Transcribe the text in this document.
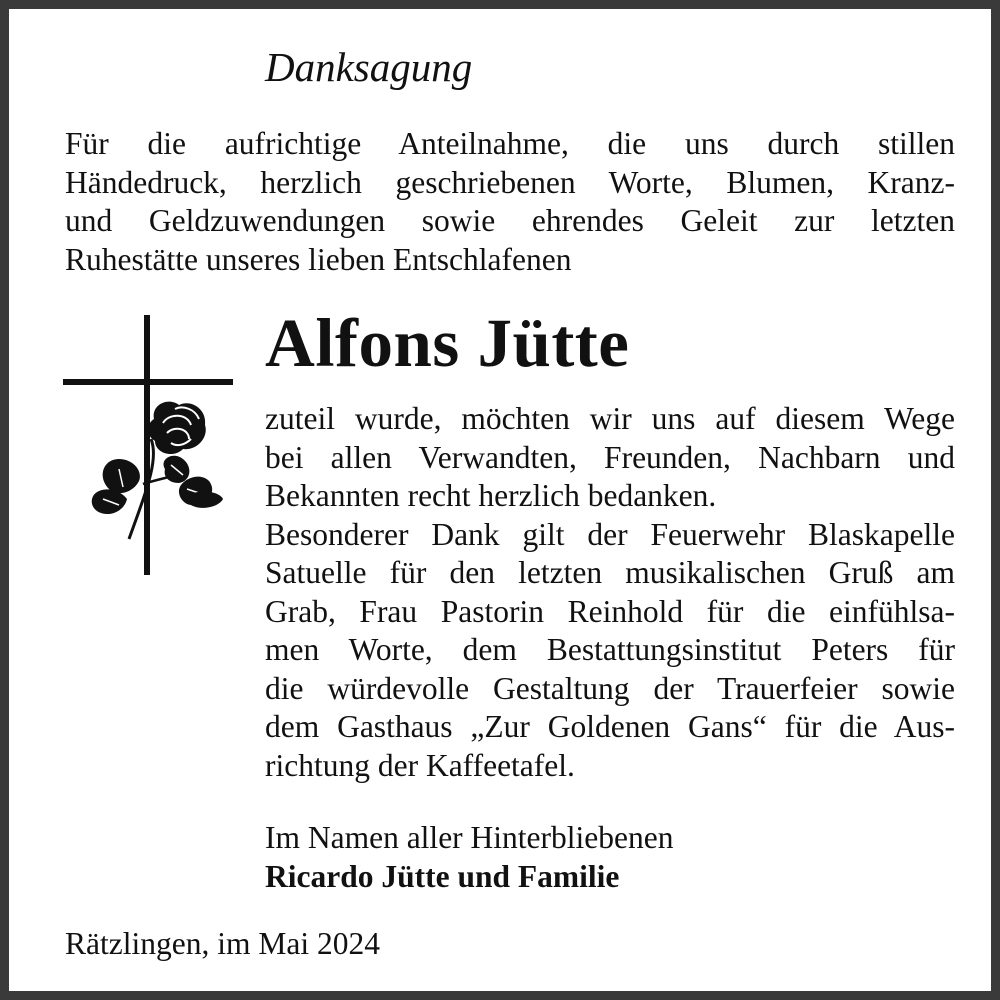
Danksagung
Für die aufrichtige Anteilnahme, die uns durch stillen
Händedruck, herzlich geschriebenen Worte, Blumen, Kranz-
und Geldzuwendungen sowie ehrendes Geleit zur letzten
Ruhestätte unseres lieben Entschlafenen
Alfons Jütte
zuteil wurde, möchten wir uns auf diesem Wege
bei allen Verwandten, Freunden, Nachbarn und
Bekannten recht herzlich bedanken.
Besonderer Dank gilt der Feuerwehr Blaskapelle
Satuelle für den letzten musikalischen Gruß am
Grab, Frau Pastorin Reinhold für die einfühlsa-
men Worte, dem Bestattungsinstitut Peters für
die würdevolle Gestaltung der Trauerfeier sowie
dem Gasthaus „Zur Goldenen Gans“ für die Aus-
richtung der Kaffeetafel.
Im Namen aller Hinterbliebenen
Ricardo Jütte und Familie
Rätzlingen, im Mai 2024
